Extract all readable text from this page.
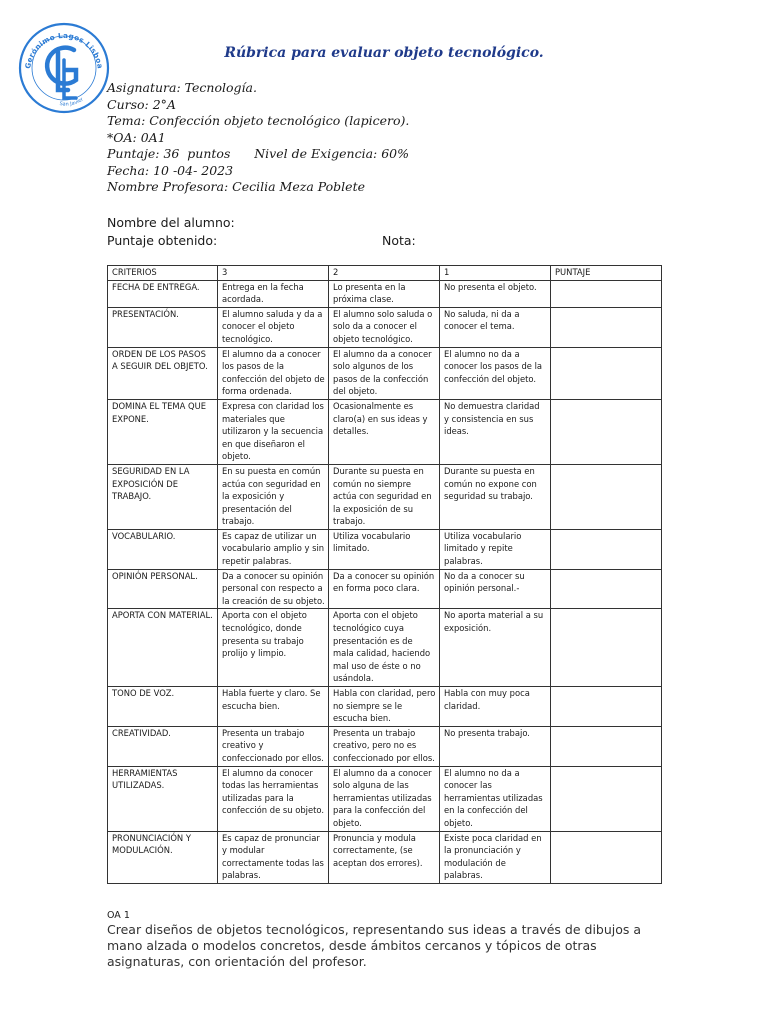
Gerónimo Lagos Lisboa
San Javier
Rúbrica para evaluar objeto tecnológico.
Asignatura: Tecnología.
Curso: 2°A
Tema: Confección objeto tecnológico (lapicero).
*OA: 0A1
Puntaje: 36  puntos      Nivel de Exigencia: 60%
Fecha: 10 -04- 2023
Nombre Profesora: Cecilia Meza Poblete
Nombre del alumno:
Puntaje obtenido:	Nota:
CRITERIOS	3	2	1	PUNTAJE
FECHA DE ENTREGA.	Entrega en la fecha acordada.	Lo presenta en la próxima clase.	No presenta el objeto.	
PRESENTACIÓN.	El alumno saluda y da a conocer el objeto tecnológico.	El alumno solo saluda o solo da a conocer el objeto tecnológico.	No saluda, ni da a conocer el tema.	
ORDEN DE LOS PASOS A SEGUIR DEL OBJETO.	El alumno da a conocer los pasos de la confección del objeto de forma ordenada.	El alumno da a conocer solo algunos de los pasos de la confección del objeto.	El alumno no da a conocer los pasos de la confección del objeto.	
DOMINA EL TEMA QUE EXPONE.	Expresa con claridad los materiales que utilizaron y la secuencia en que diseñaron el objeto.	Ocasionalmente es claro(a) en sus ideas y detalles.	No demuestra claridad y consistencia en sus ideas.	
SEGURIDAD EN LA EXPOSICIÓN DE TRABAJO.	En su puesta en común actúa con seguridad en la exposición y presentación del trabajo.	Durante su puesta en común no siempre actúa con seguridad en la exposición de su trabajo.	Durante su puesta en común no expone con seguridad su trabajo.	
VOCABULARIO.	Es capaz de utilizar un vocabulario amplio y sin repetir palabras.	Utiliza vocabulario limitado.	Utiliza vocabulario limitado y repite palabras.	
OPINIÓN PERSONAL.	Da a conocer su opinión personal con respecto a la creación de su objeto.	Da a conocer su opinión en forma poco clara.	No da a conocer su opinión personal.-	
APORTA CON MATERIAL.	Aporta con el objeto tecnológico, donde presenta su trabajo prolijo y limpio.	Aporta con el objeto tecnológico cuya presentación es de mala calidad, haciendo mal uso de éste o no usándola.	No aporta material a su exposición.	
TONO DE VOZ.	Habla fuerte y claro. Se escucha bien.	Habla con claridad, pero no siempre se le escucha bien.	Habla con muy poca claridad.	
CREATIVIDAD.	Presenta un trabajo creativo y confeccionado por ellos.	Presenta un trabajo creativo, pero no es confeccionado por ellos.	No presenta trabajo.	
HERRAMIENTAS UTILIZADAS.	El alumno da conocer todas las herramientas utilizadas para la confección de su objeto.	El alumno da a conocer solo alguna de las herramientas utilizadas para la confección del objeto.	El alumno no da a conocer las herramientas utilizadas en la confección del objeto.	
PRONUNCIACIÓN Y MODULACIÓN.	Es capaz de pronunciar y modular correctamente todas las palabras.	Pronuncia y modula correctamente, (se aceptan dos errores).	Existe poca claridad en la pronunciación y modulación de palabras.	
OA 1
Crear diseños de objetos tecnológicos, representando sus ideas a través de dibujos a mano alzada o modelos concretos, desde ámbitos cercanos y tópicos de otras asignaturas, con orientación del profesor.
